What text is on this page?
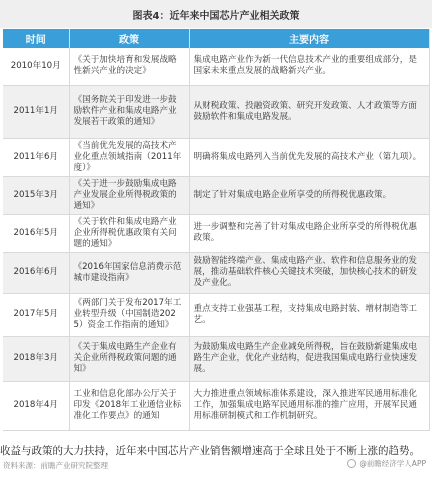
图表4：近年来中国芯片产业相关政策
时间	政策	主要内容
2010年10月	《关于加快培育和发展战略性新兴产业的决定》	集成电路产业作为新一代信息技术产业的重要组成部分，是国家未来重点发展的战略新兴产业。
2011年1月	《国务院关于印发进一步鼓励软件产业和集成电路产业发展若干政策的通知》	从财税政策、投融资政策、研究开发政策、人才政策等方面鼓励软件和集成电路发展。
2011年6月	《当前优先发展的高技术产业化重点领域指南（2011年度）》	明确将集成电路列入当前优先发展的高技术产业（第九项）。
2015年3月	《关于进一步鼓励集成电路产业发展企业所得税政策的通知》	制定了针对集成电路企业所享受的所得税优惠政策。
2016年5月	《关于软件和集成电路产业企业所得税优惠政策有关问题的通知》	进一步调整和完善了针对集成电路企业所享受的所得税优惠政策。
2016年6月	《2016年国家信息消费示范城市建设指南》	鼓励智能终端产业、集成电路产业、软件和信息服务业的发展，推动基础软件核心关键技术突破，加快核心技术的研发及产业化。
2017年5月	《两部门关于发布2017年工业转型升级（中国制造2025）资金工作指南的通知》	重点支持工业强基工程，支持集成电路封装、增材制造等工艺。
2018年3月	《关于集成电路生产企业有关企业所得税政策问题的通知》	为鼓励集成电路生产企业减免所得税，旨在鼓励新建集成电路生产企业，优化产业结构，促进我国集成电路行业快速发展。
2018年4月	工业和信息化部办公厅关于印发《2018年工业通信业标准化工作要点》的通知	大力推进重点领域标准体系建设，深入推进军民通用标准化工作，加强集成电路军民通用标准的推广应用，开展军民通用标准研制模式和工作机制研究。
收益与政策的大力扶持，近年来中国芯片产业销售额增速高于全球且处于不断上涨的趋势。
资料来源：前瞻产业研究院整理	@前瞻经济学人APP
